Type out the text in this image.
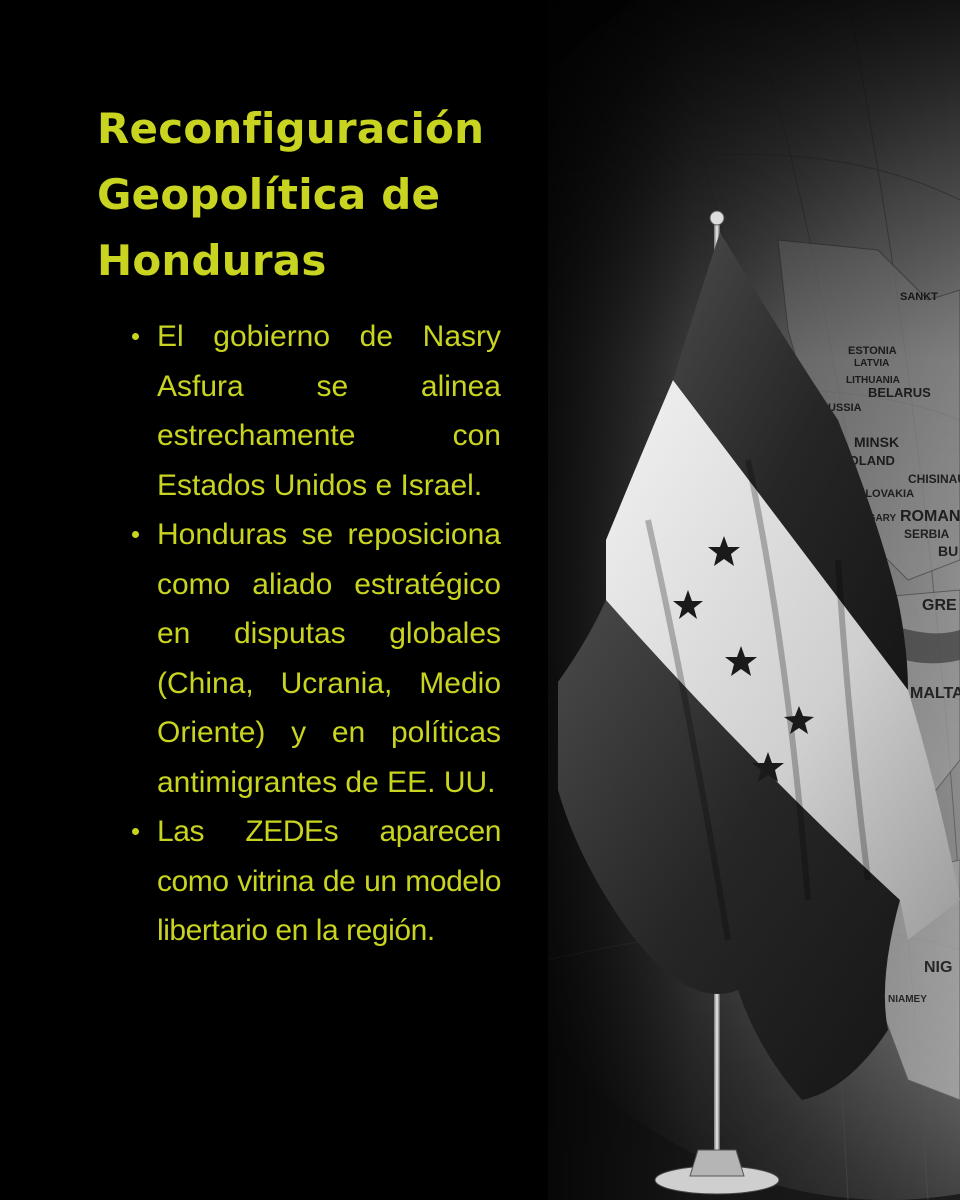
Reconfiguración
Geopolítica de
Honduras
El gobierno de Nasry Asfura se alinea estrechamente con Estados Unidos e Israel.
Honduras se reposiciona como aliado estratégico en disputas globales (China, Ucrania, Medio Oriente) y en políticas antimigrantes de EE. UU.
Las ZEDEs aparecen como vitrina de un modelo libertario en la región.
